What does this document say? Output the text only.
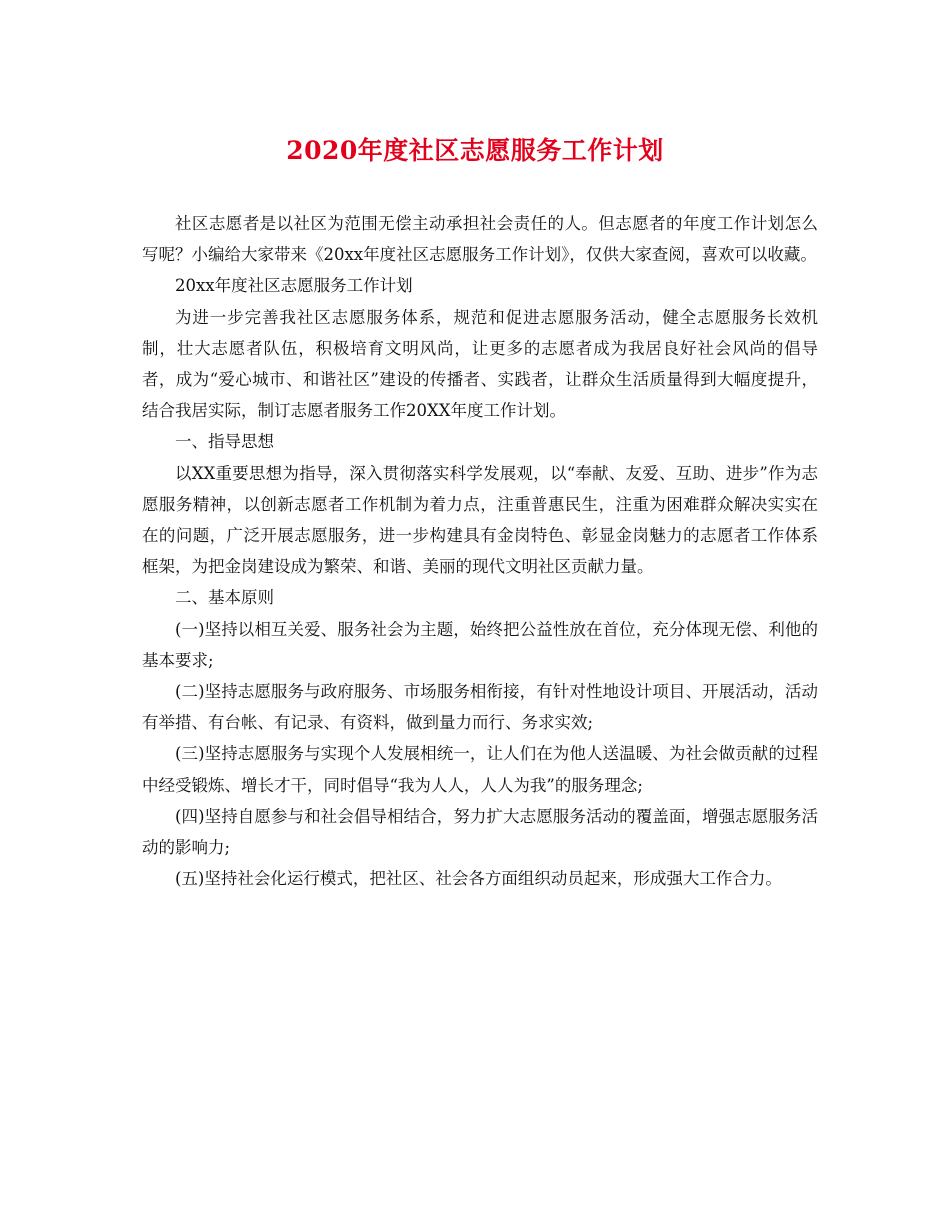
2020年度社区志愿服务工作计划

社区志愿者是以社区为范围无偿主动承担社会责任的人。但志愿者的年度工作计划怎么写呢？小编给大家带来《20xx年度社区志愿服务工作计划》，仅供大家查阅，喜欢可以收藏。

20xx年度社区志愿服务工作计划

为进一步完善我社区志愿服务体系，规范和促进志愿服务活动，健全志愿服务长效机制，壮大志愿者队伍，积极培育文明风尚，让更多的志愿者成为我居良好社会风尚的倡导者，成为“爱心城市、和谐社区”建设的传播者、实践者，让群众生活质量得到大幅度提升，结合我居实际，制订志愿者服务工作20XX年度工作计划。

一、指导思想

以XX重要思想为指导，深入贯彻落实科学发展观，以“奉献、友爱、互助、进步”作为志愿服务精神，以创新志愿者工作机制为着力点，注重普惠民生，注重为困难群众解决实实在在的问题，广泛开展志愿服务，进一步构建具有金岗特色、彰显金岗魅力的志愿者工作体系框架，为把金岗建设成为繁荣、和谐、美丽的现代文明社区贡献力量。

二、基本原则

(一)坚持以相互关爱、服务社会为主题，始终把公益性放在首位，充分体现无偿、利他的基本要求;

(二)坚持志愿服务与政府服务、市场服务相衔接，有针对性地设计项目、开展活动，活动有举措、有台帐、有记录、有资料，做到量力而行、务求实效;

(三)坚持志愿服务与实现个人发展相统一，让人们在为他人送温暖、为社会做贡献的过程中经受锻炼、增长才干，同时倡导“我为人人，人人为我”的服务理念;

(四)坚持自愿参与和社会倡导相结合，努力扩大志愿服务活动的覆盖面，增强志愿服务活动的影响力;

(五)坚持社会化运行模式，把社区、社会各方面组织动员起来，形成强大工作合力。
